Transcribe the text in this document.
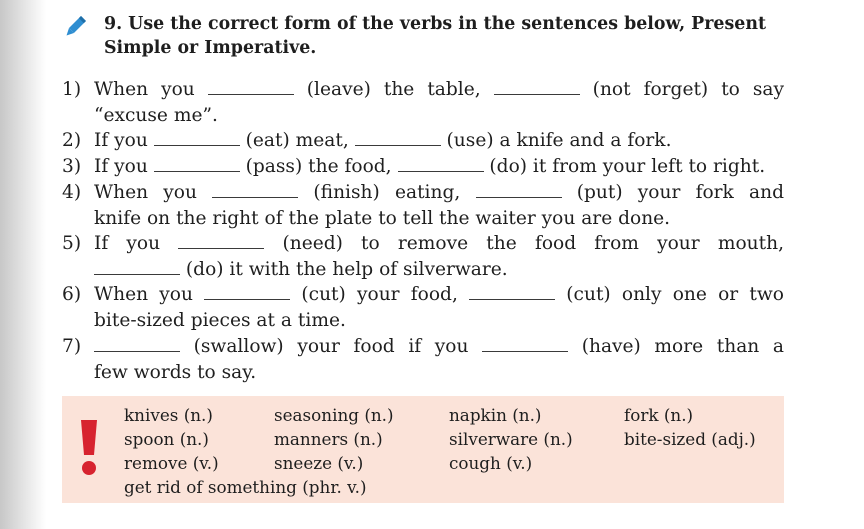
9. Use the correct form of the verbs in the sentences below, Present
Simple or Imperative.
1) When you	(leave) the table,	(not forget) to say
“excuse me”.
2) If you	(eat) meat,	(use) a knife and a fork.
3) If you	(pass) the food,	(do) it from your left to right.
4) When you	(finish) eating,	(put) your fork and
knife on the right of the plate to tell the waiter you are done.
5) If you	(need) to remove the food from your mouth,
(do) it with the help of silverware.
6) When you	(cut) your food,	(cut) only one or two
bite-sized pieces at a time.
7)	(swallow) your food if you	(have) more than a
few words to say.
knives (n.)	seasoning (n.)	napkin (n.)	fork (n.)
spoon (n.)	manners (n.)	silverware (n.)	bite-sized (adj.)
remove (v.)	sneeze (v.)	cough (v.)
get rid of something (phr. v.)
